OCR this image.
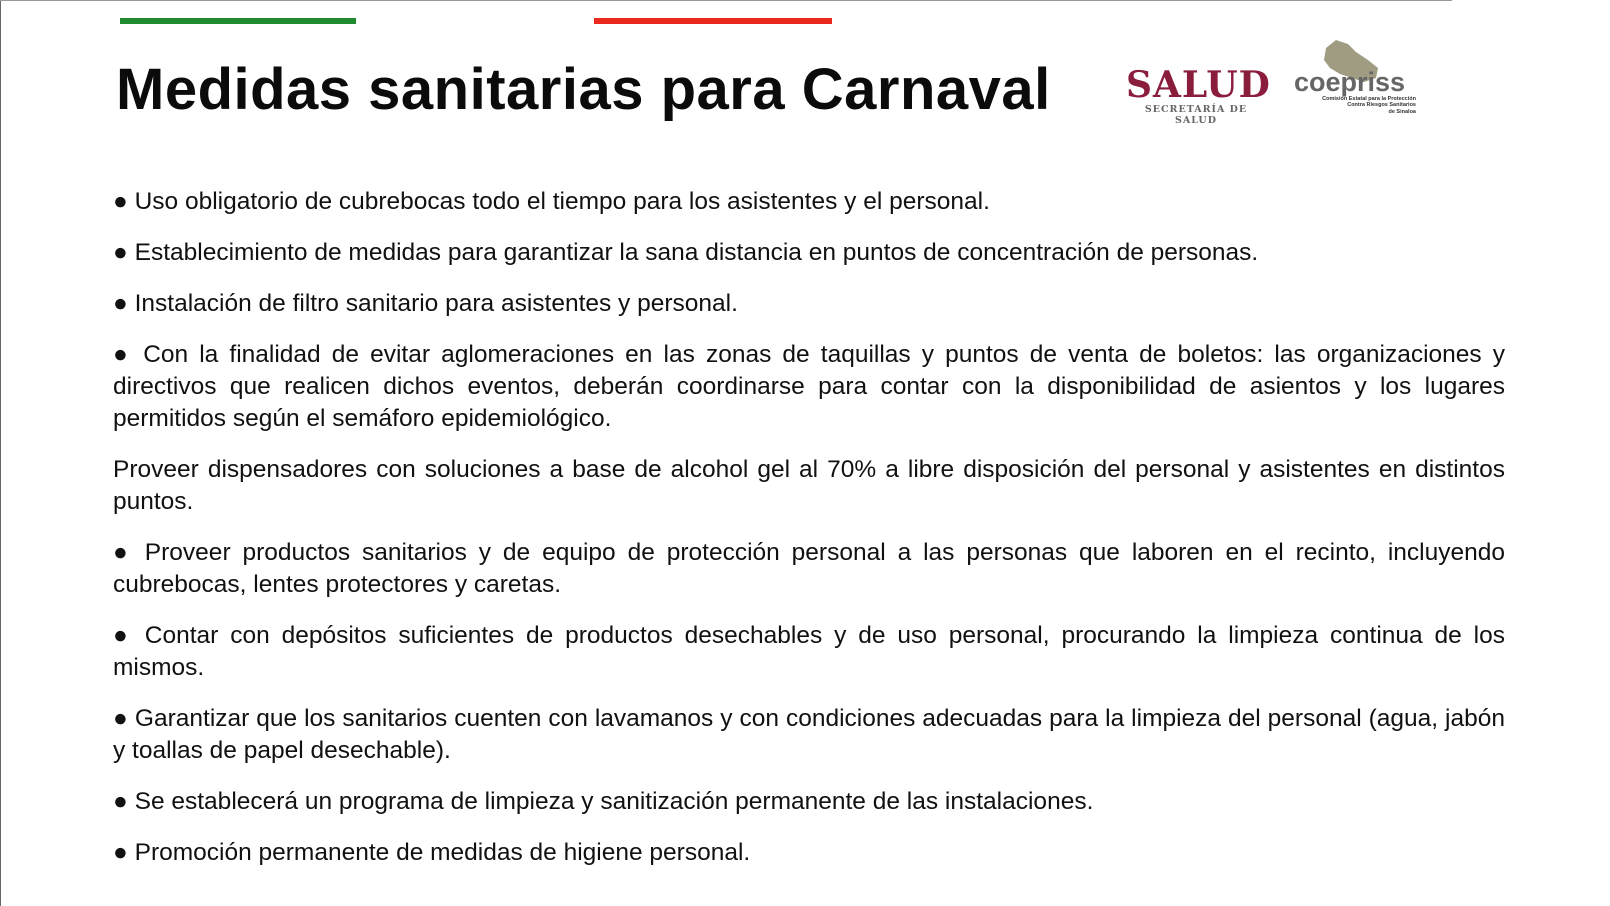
Medidas sanitarias para Carnaval SALUD
SECRETARÍA DE SALUD
coepriss
Comisión Estatal para la Protección
Contra Riesgos Sanitarios
de Sinaloa

● Uso obligatorio de cubrebocas todo el tiempo para los asistentes y el personal.

● Establecimiento de medidas para garantizar la sana distancia en puntos de concentración de personas.

● Instalación de filtro sanitario para asistentes y personal.

● Con la finalidad de evitar aglomeraciones en las zonas de taquillas y puntos de venta de boletos: las organizaciones y directivos que realicen dichos eventos, deberán coordinarse para contar con la disponibilidad de asientos y los lugares permitidos según el semáforo epidemiológico.

Proveer dispensadores con soluciones a base de alcohol gel al 70% a libre disposición del personal y asistentes en distintos puntos.

● Proveer productos sanitarios y de equipo de protección personal a las personas que laboren en el recinto, incluyendo cubrebocas, lentes protectores y caretas.

● Contar con depósitos suficientes de productos desechables y de uso personal, procurando la limpieza continua de los mismos.

● Garantizar que los sanitarios cuenten con lavamanos y con condiciones adecuadas para la limpieza del personal (agua, jabón y toallas de papel desechable).

● Se establecerá un programa de limpieza y sanitización permanente de las instalaciones.

● Promoción permanente de medidas de higiene personal.
